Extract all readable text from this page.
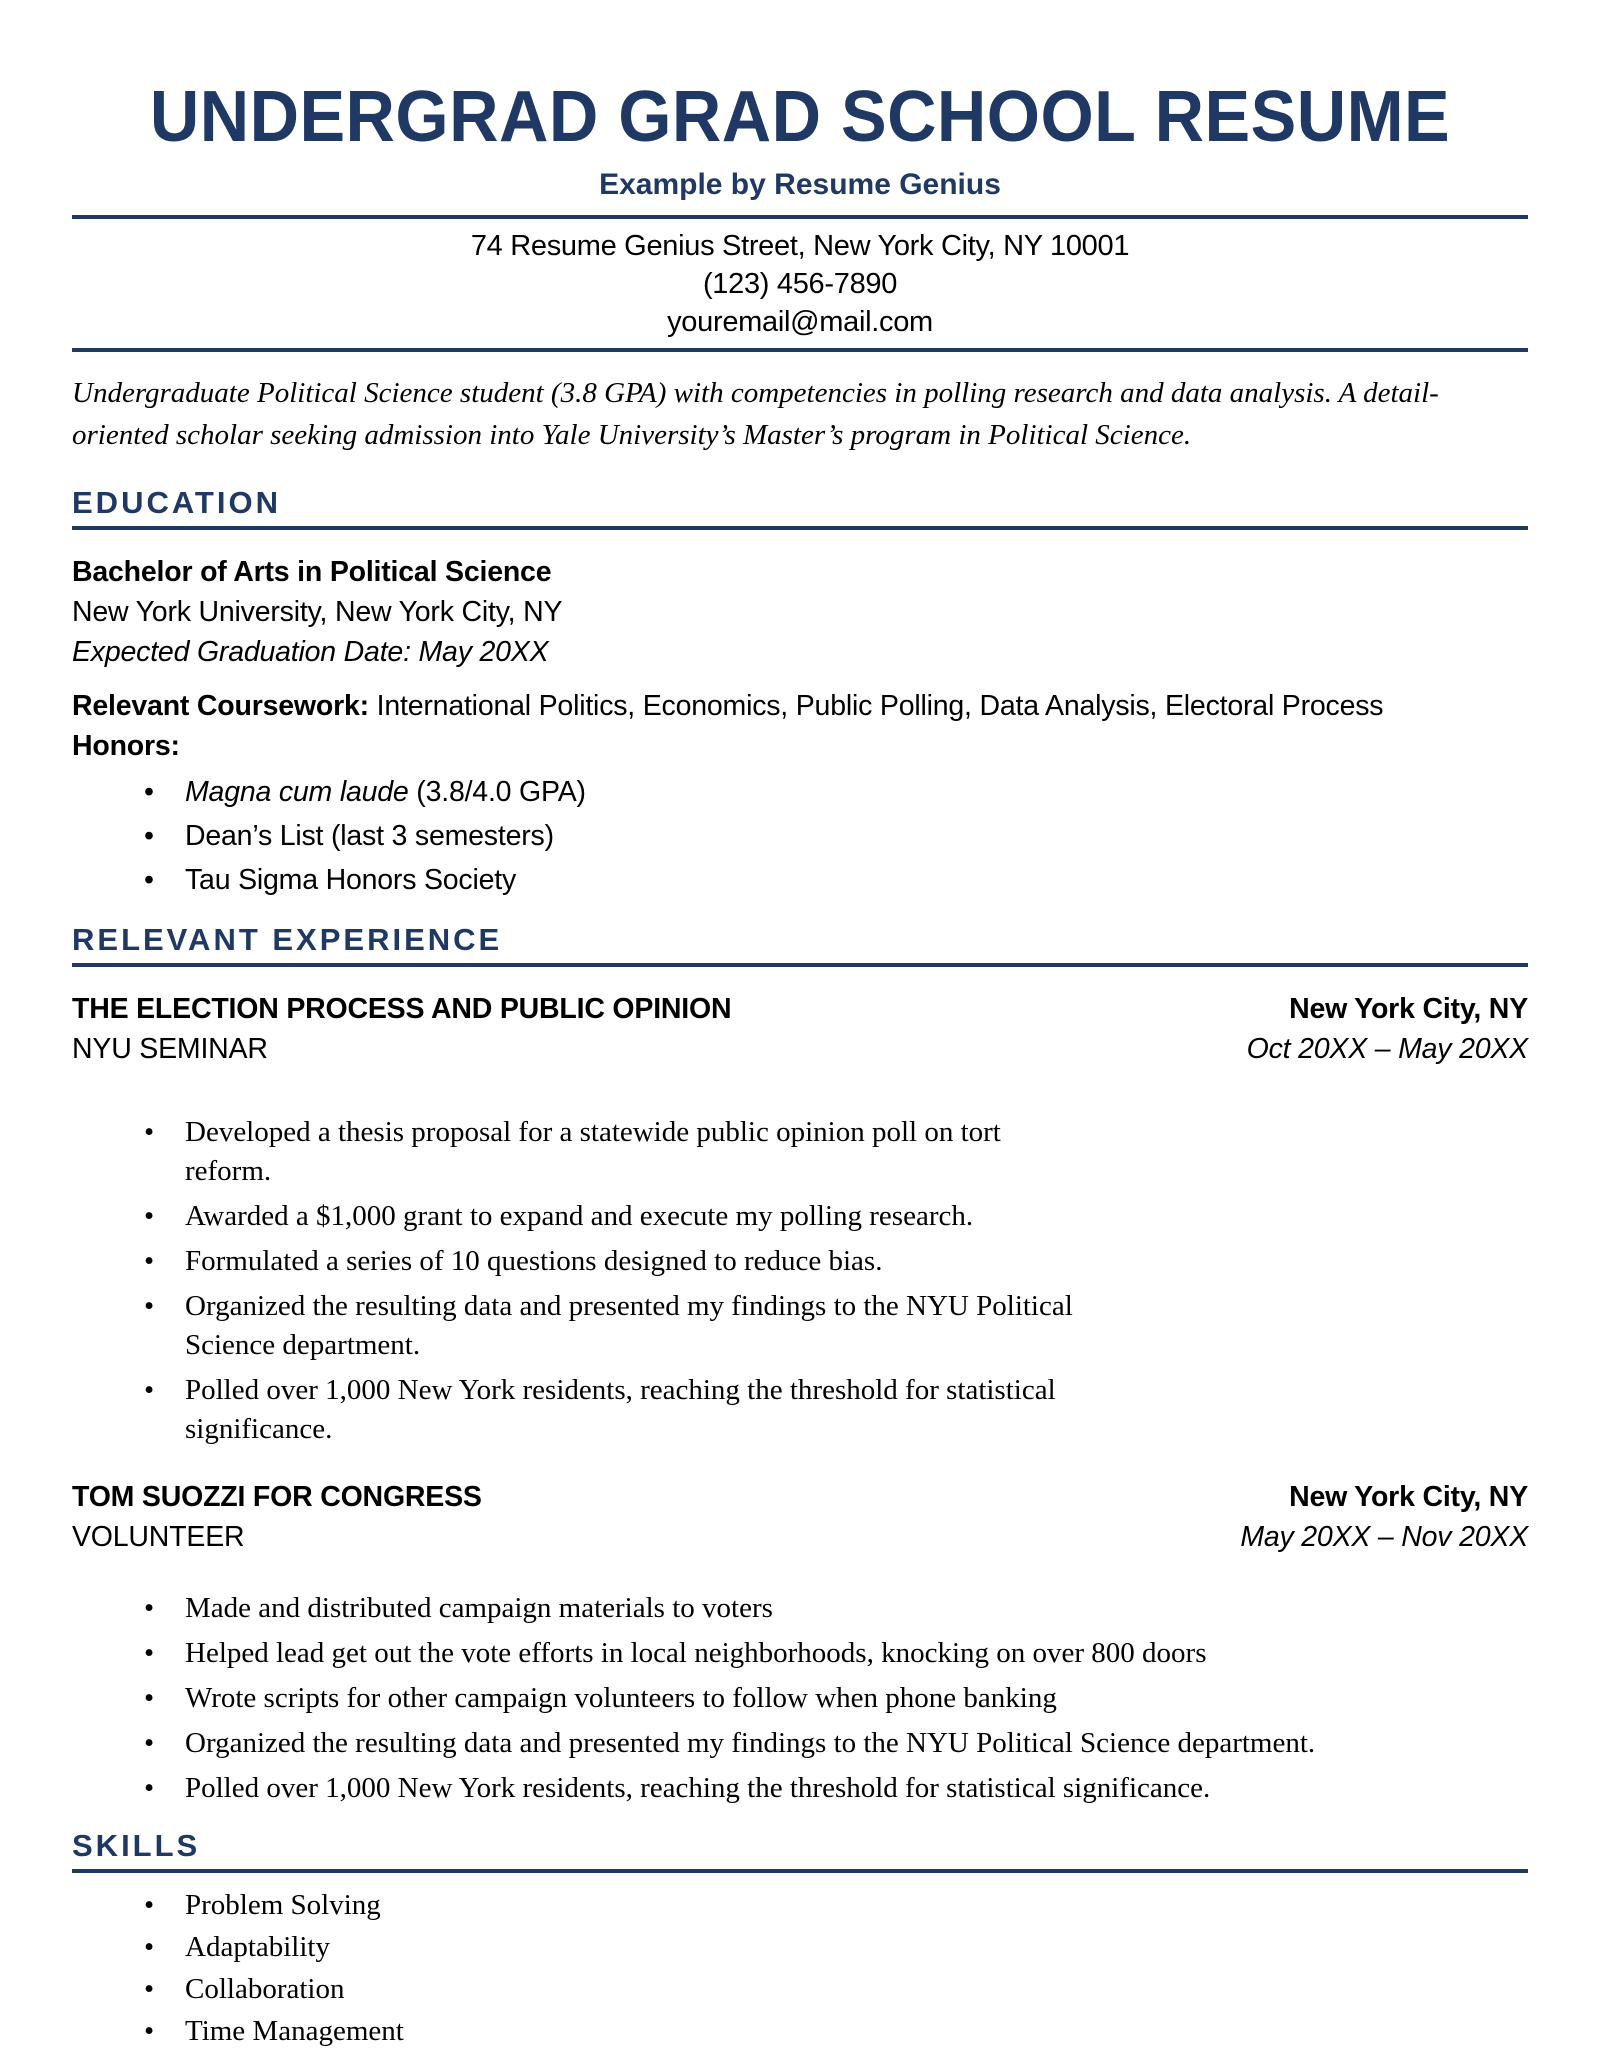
UNDERGRAD GRAD SCHOOL RESUME
Example by Resume Genius
74 Resume Genius Street, New York City, NY 10001
(123) 456-7890
youremail@mail.com

Undergraduate Political Science student (3.8 GPA) with competencies in polling research and data analysis. A detail-oriented scholar seeking admission into Yale University’s Master’s program in Political Science.

EDUCATION
Bachelor of Arts in Political Science
New York University, New York City, NY
Expected Graduation Date: May 20XX
Relevant Coursework: International Politics, Economics, Public Polling, Data Analysis, Electoral Process
Honors:
• Magna cum laude (3.8/4.0 GPA)
• Dean’s List (last 3 semesters)
• Tau Sigma Honors Society
RELEVANT EXPERIENCE
THE ELECTION PROCESS AND PUBLIC OPINION	New York City, NY
NYU SEMINAR	Oct 20XX – May 20XX
• Developed a thesis proposal for a statewide public opinion poll on tort reform.
• Awarded a $1,000 grant to expand and execute my polling research.
• Formulated a series of 10 questions designed to reduce bias.
• Organized the resulting data and presented my findings to the NYU Political Science department.
• Polled over 1,000 New York residents, reaching the threshold for statistical significance.
TOM SUOZZI FOR CONGRESS	New York City, NY
VOLUNTEER	May 20XX – Nov 20XX
• Made and distributed campaign materials to voters
• Helped lead get out the vote efforts in local neighborhoods, knocking on over 800 doors
• Wrote scripts for other campaign volunteers to follow when phone banking
• Organized the resulting data and presented my findings to the NYU Political Science department.
• Polled over 1,000 New York residents, reaching the threshold for statistical significance.
SKILLS
• Problem Solving
• Adaptability
• Collaboration
• Time Management
